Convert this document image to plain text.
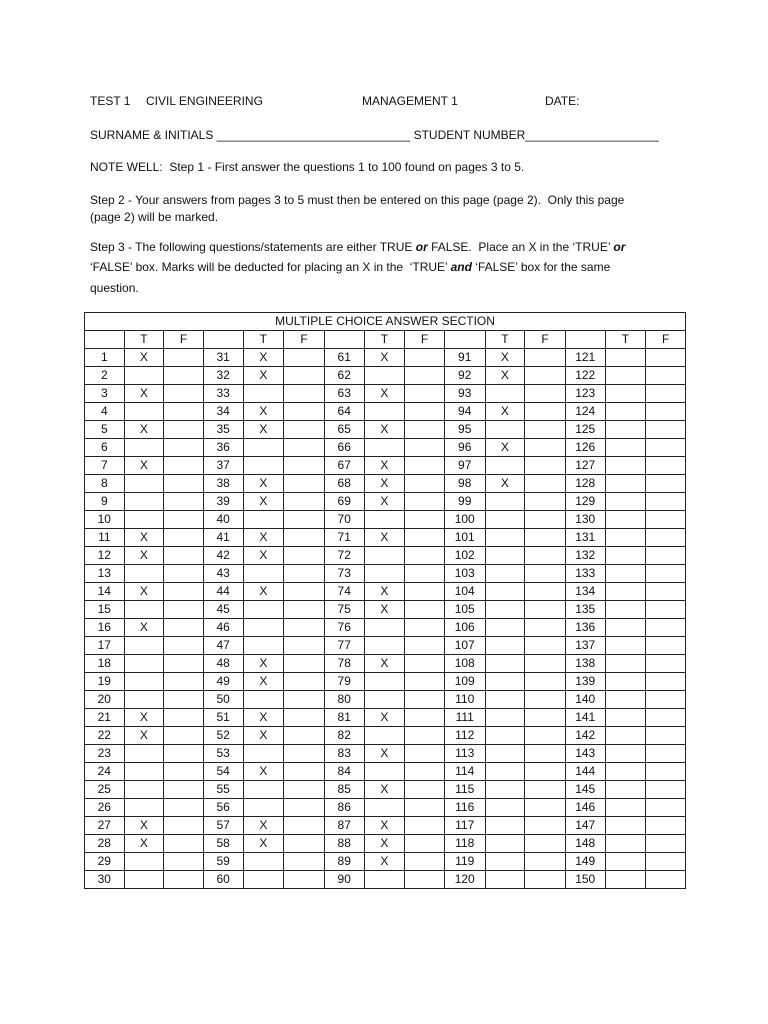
TEST 1 CIVIL ENGINEERING	MANAGEMENT 1	DATE:
SURNAME & INITIALS _____________________________ STUDENT NUMBER____________________
NOTE WELL:  Step 1 - First answer the questions 1 to 100 found on pages 3 to 5.
Step 2 - Your answers from pages 3 to 5 must then be entered on this page (page 2).  Only this page
(page 2) will be marked.
Step 3 - The following questions/statements are either TRUE or FALSE.  Place an X in the ‘TRUE’ or
‘FALSE’ box. Marks will be deducted for placing an X in the  ‘TRUE’ and ‘FALSE’ box for the same
question.
MULTIPLE CHOICE ANSWER SECTION														
	T	F		T	F		T	F		T	F		T	F
1	X		31	X		61	X		91	X		121		
2			32	X		62			92	X		122		
3	X		33			63	X		93			123		
4			34	X		64			94	X		124		
5	X		35	X		65	X		95			125		
6			36			66			96	X		126		
7	X		37			67	X		97			127		
8			38	X		68	X		98	X		128		
9			39	X		69	X		99			129		
10			40			70			100			130		
11	X		41	X		71	X		101			131		
12	X		42	X		72			102			132		
13			43			73			103			133		
14	X		44	X		74	X		104			134		
15			45			75	X		105			135		
16	X		46			76			106			136		
17			47			77			107			137		
18			48	X		78	X		108			138		
19			49	X		79			109			139		
20			50			80			110			140		
21	X		51	X		81	X		111			141		
22	X		52	X		82			112			142		
23			53			83	X		113			143		
24			54	X		84			114			144		
25			55			85	X		115			145		
26			56			86			116			146		
27	X		57	X		87	X		117			147		
28	X		58	X		88	X		118			148		
29			59			89	X		119			149		
30			60			90			120			150		
